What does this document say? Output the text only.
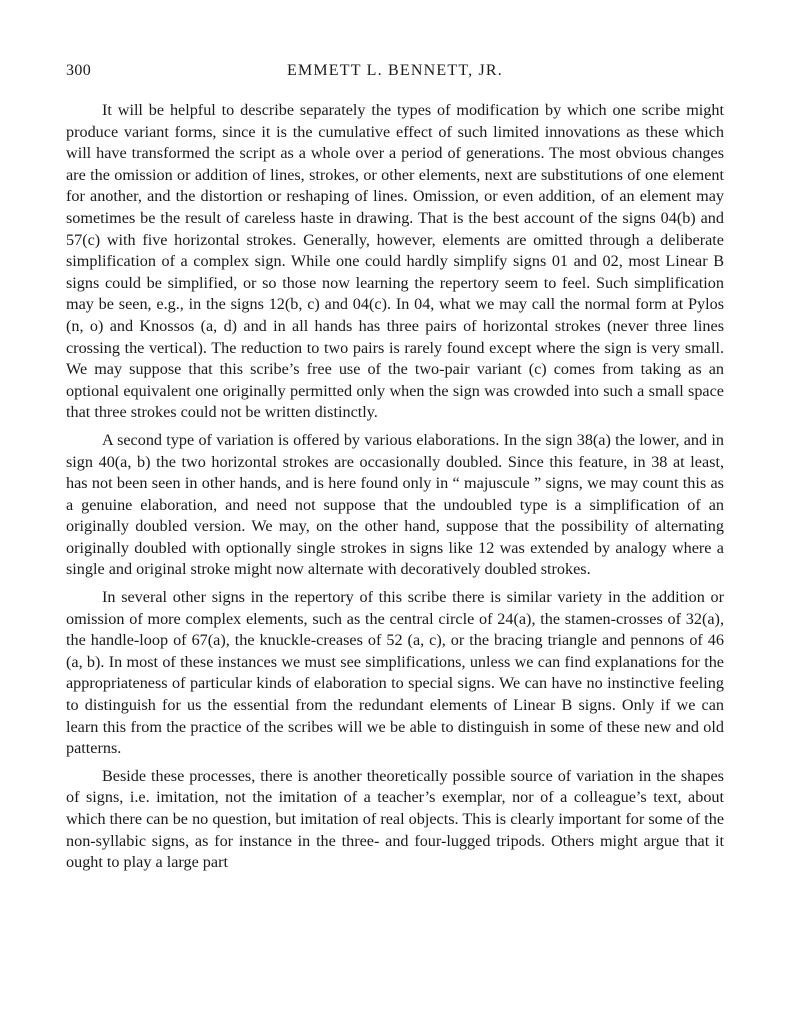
300	EMMETT L. BENNETT, JR.

It will be helpful to describe separately the types of modification by which one scribe might produce variant forms, since it is the cumulative effect of such limited innovations as these which will have transformed the script as a whole over a period of generations. The most obvious changes are the omission or addition of lines, strokes, or other elements, next are substitutions of one element for another, and the distortion or reshaping of lines. Omission, or even addition, of an element may sometimes be the result of careless haste in drawing. That is the best account of the signs 04(b) and 57(c) with five horizontal strokes. Generally, however, elements are omitted through a deliberate simplification of a complex sign. While one could hardly simplify signs 01 and 02, most Linear B signs could be simplified, or so those now learning the repertory seem to feel. Such simplification may be seen, e.g., in the signs 12(b, c) and 04(c). In 04, what we may call the normal form at Pylos (n, o) and Knossos (a, d) and in all hands has three pairs of horizontal strokes (never three lines crossing the vertical). The reduction to two pairs is rarely found except where the sign is very small. We may suppose that this scribe’s free use of the two-pair variant (c) comes from taking as an optional equivalent one originally permitted only when the sign was crowded into such a small space that three strokes could not be written distinctly.

A second type of variation is offered by various elaborations. In the sign 38(a) the lower, and in sign 40(a, b) the two horizontal strokes are occasionally doubled. Since this feature, in 38 at least, has not been seen in other hands, and is here found only in “ majuscule ” signs, we may count this as a genuine elaboration, and need not suppose that the undoubled type is a simplification of an originally doubled version. We may, on the other hand, suppose that the possibility of alternating originally doubled with optionally single strokes in signs like 12 was extended by analogy where a single and original stroke might now alternate with decoratively doubled strokes.

In several other signs in the repertory of this scribe there is similar variety in the addition or omission of more complex elements, such as the central circle of 24(a), the stamen-crosses of 32(a), the handle-loop of 67(a), the knuckle-creases of 52 (a, c), or the bracing triangle and pennons of 46 (a, b). In most of these instances we must see simplifications, unless we can find explanations for the appropriateness of particular kinds of elaboration to special signs. We can have no instinctive feeling to distinguish for us the essential from the redundant elements of Linear B signs. Only if we can learn this from the practice of the scribes will we be able to distinguish in some of these new and old patterns.

Beside these processes, there is another theoretically possible source of variation in the shapes of signs, i.e. imitation, not the imitation of a teacher’s exemplar, nor of a colleague’s text, about which there can be no question, but imitation of real objects. This is clearly important for some of the non-syllabic signs, as for instance in the three- and four-lugged tripods. Others might argue that it ought to play a large part
